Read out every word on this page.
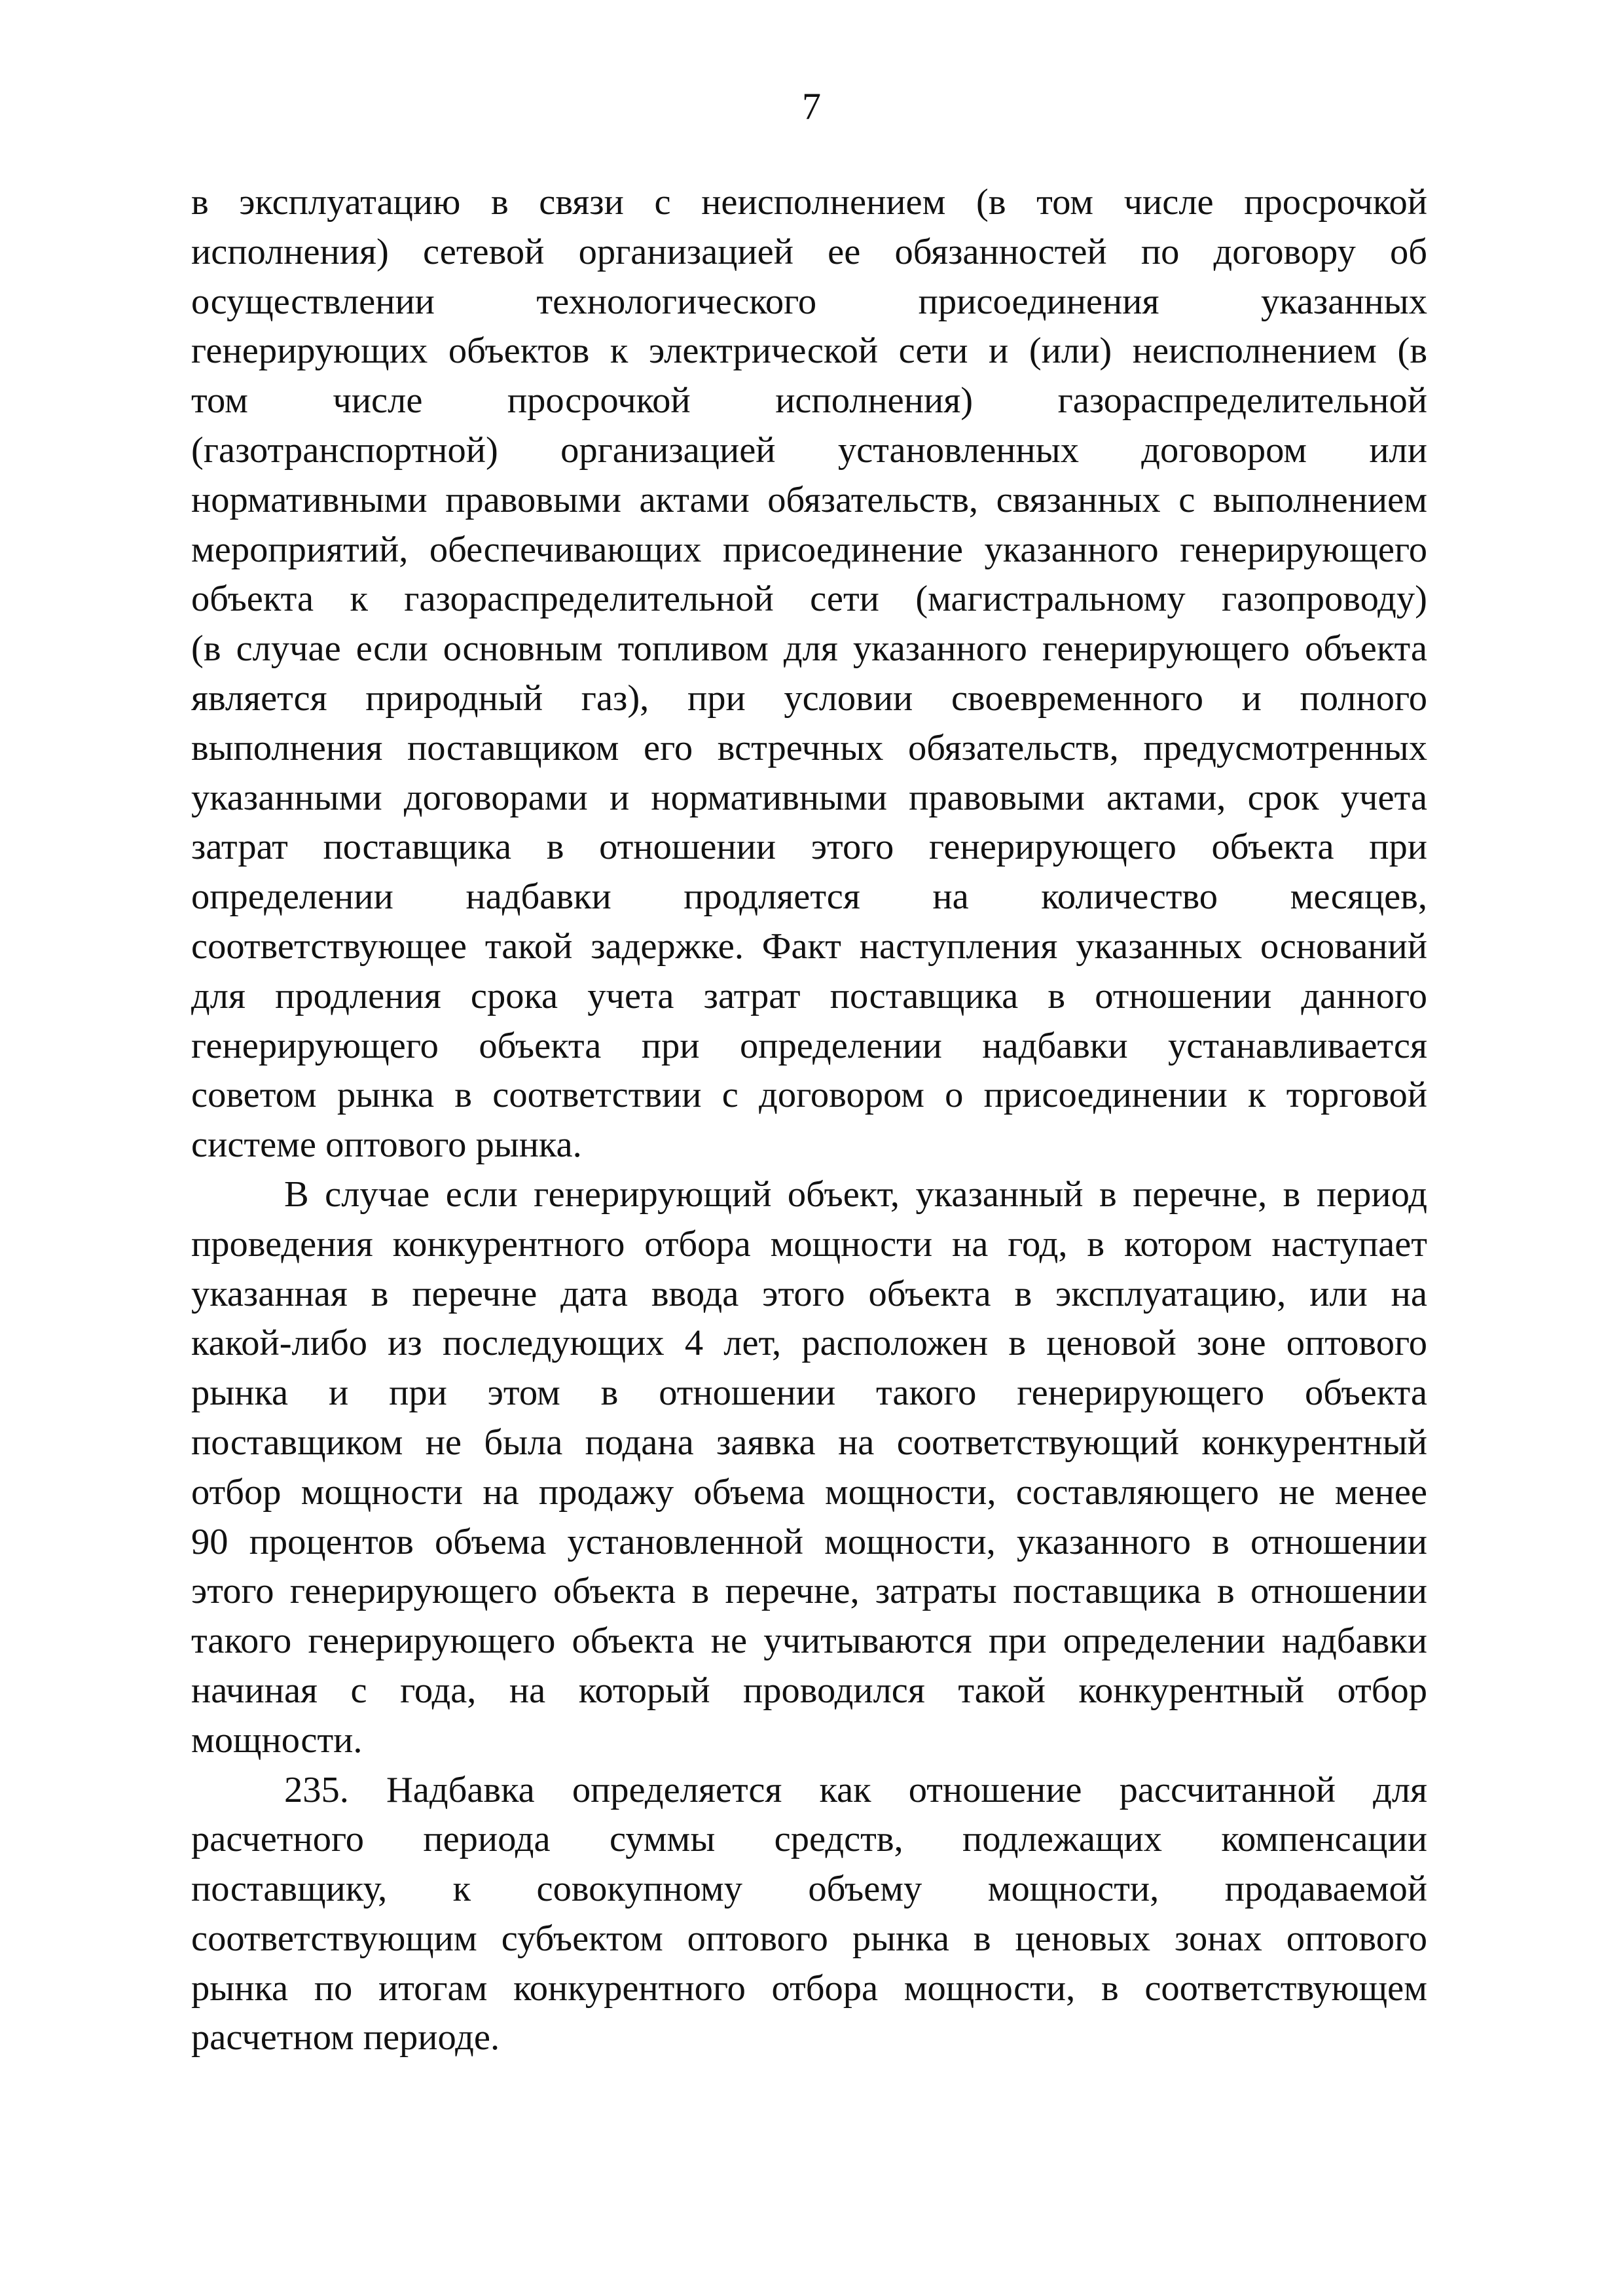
7
в эксплуатацию в связи с неисполнением (в том числе просрочкой
исполнения) сетевой организацией ее обязанностей по договору об
осуществлении технологического присоединения указанных
генерирующих объектов к электрической сети и (или) неисполнением (в
том числе просрочкой исполнения) газораспределительной
(газотранспортной) организацией установленных договором или
нормативными правовыми актами обязательств, связанных с выполнением
мероприятий, обеспечивающих присоединение указанного генерирующего
объекта к газораспределительной сети (магистральному газопроводу)
(в случае если основным топливом для указанного генерирующего объекта
является природный газ), при условии своевременного и полного
выполнения поставщиком его встречных обязательств, предусмотренных
указанными договорами и нормативными правовыми актами, срок учета
затрат поставщика в отношении этого генерирующего объекта при
определении надбавки продляется на количество месяцев,
соответствующее такой задержке. Факт наступления указанных оснований
для продления срока учета затрат поставщика в отношении данного
генерирующего объекта при определении надбавки устанавливается
советом рынка в соответствии с договором о присоединении к торговой
системе оптового рынка.
В случае если генерирующий объект, указанный в перечне, в период
проведения конкурентного отбора мощности на год, в котором наступает
указанная в перечне дата ввода этого объекта в эксплуатацию, или на
какой-либо из последующих 4 лет, расположен в ценовой зоне оптового
рынка и при этом в отношении такого генерирующего объекта
поставщиком не была подана заявка на соответствующий конкурентный
отбор мощности на продажу объема мощности, составляющего не менее
90 процентов объема установленной мощности, указанного в отношении
этого генерирующего объекта в перечне, затраты поставщика в отношении
такого генерирующего объекта не учитываются при определении надбавки
начиная с года, на который проводился такой конкурентный отбор
мощности.
235. Надбавка определяется как отношение рассчитанной для
расчетного периода суммы средств, подлежащих компенсации
поставщику, к совокупному объему мощности, продаваемой
соответствующим субъектом оптового рынка в ценовых зонах оптового
рынка по итогам конкурентного отбора мощности, в соответствующем
расчетном периоде.
